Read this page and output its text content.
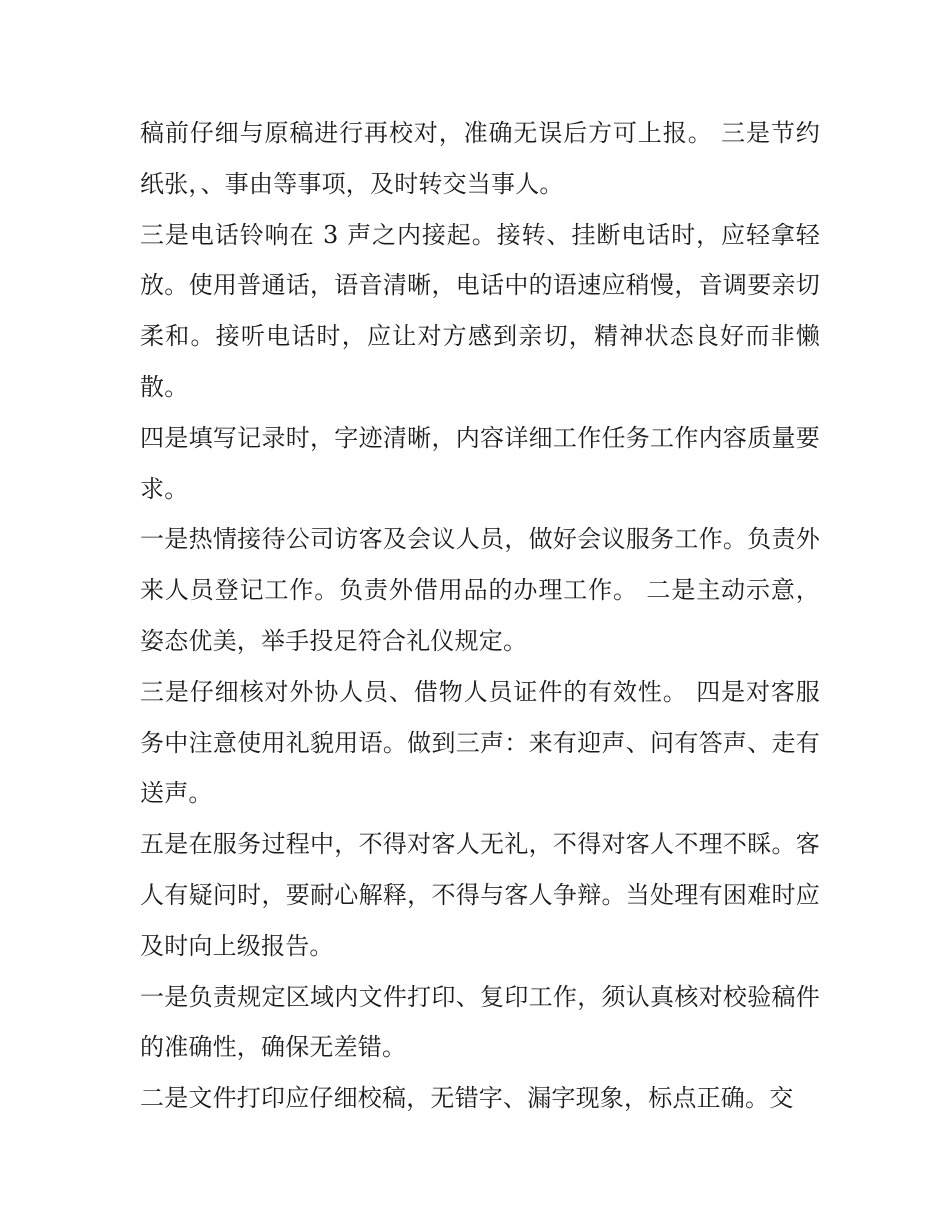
稿前仔细与原稿进行再校对，准确无误后方可上报。 三是节约纸张，、事由等事项，及时转交当事人。

三是电话铃响在 3 声之内接起。接转、挂断电话时，应轻拿轻放。使用普通话，语音清晰，电话中的语速应稍慢，音调要亲切柔和。接听电话时，应让对方感到亲切，精神状态良好而非懒散。

四是填写记录时，字迹清晰，内容详细工作任务工作内容质量要求。

一是热情接待公司访客及会议人员，做好会议服务工作。负责外来人员登记工作。负责外借用品的办理工作。 二是主动示意，姿态优美，举手投足符合礼仪规定。

三是仔细核对外协人员、借物人员证件的有效性。 四是对客服务中注意使用礼貌用语。做到三声：来有迎声、问有答声、走有送声。

五是在服务过程中，不得对客人无礼，不得对客人不理不睬。客人有疑问时，要耐心解释，不得与客人争辩。当处理有困难时应及时向上级报告。

一是负责规定区域内文件打印、复印工作，须认真核对校验稿件的准确性，确保无差错。

二是文件打印应仔细校稿，无错字、漏字现象，标点正确。交
